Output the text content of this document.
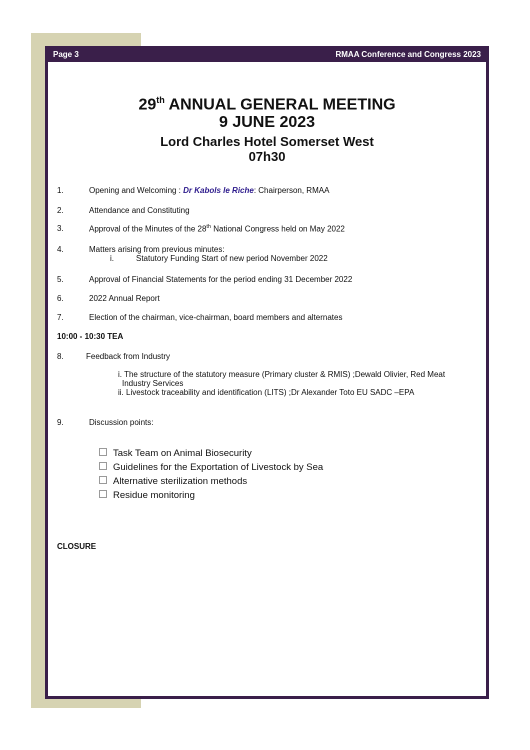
Page 3	RMAA Conference and Congress 2023
29th ANNUAL GENERAL MEETING
9 JUNE 2023
Lord Charles Hotel Somerset West
07h30
1.	Opening and Welcoming : Dr Kabols le Riche: Chairperson, RMAA
2.	Attendance and Constituting
3.	Approval of the Minutes of the 28th National Congress held on May 2022
4.	Matters arising from previous minutes:
i.	Statutory Funding Start of new period November 2022
5.	Approval of Financial Statements for the period ending 31 December 2022
6.	2022 Annual Report
7.	Election of the chairman, vice-chairman, board members and alternates
10:00 - 10:30 TEA
8.	Feedback from Industry
i. The structure of the statutory measure (Primary cluster & RMIS) ;Dewald Olivier, Red Meat
Industry Services
ii. Livestock traceability and identification (LITS) ;Dr Alexander Toto EU SADC –EPA
9.	Discussion points:
Task Team on Animal Biosecurity
Guidelines for the Exportation of Livestock by Sea
Alternative sterilization methods
Residue monitoring
CLOSURE
